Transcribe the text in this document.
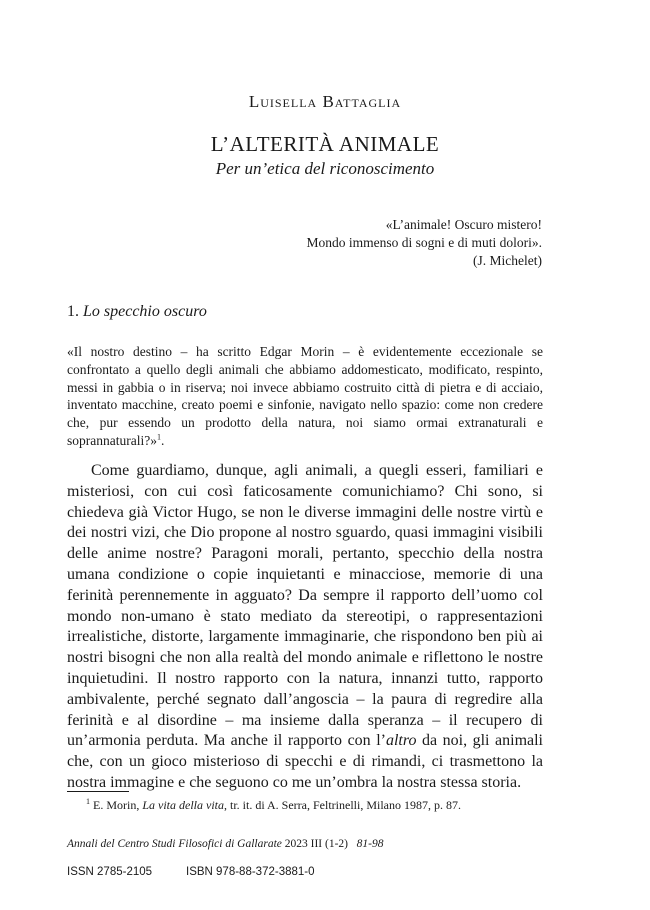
Luisella Battaglia
L’ALTERITÀ ANIMALE
Per un’etica del riconoscimento
«L’animale! Oscuro mistero!
Mondo immenso di sogni e di muti dolori».
(J. Michelet)
1. Lo specchio oscuro
«Il nostro destino – ha scritto Edgar Morin – è evidentemente eccezionale se confrontato a quello degli animali che abbiamo addomesticato, modificato, respinto, messi in gabbia o in riserva; noi invece abbiamo costruito città di pietra e di acciaio, inventato macchine, creato poemi e sinfonie, navigato nello spazio: come non credere che, pur essendo un prodotto della natura, noi siamo ormai extranaturali e soprannaturali?»$^1$.

Come guardiamo, dunque, agli animali, a quegli esseri, familiari e misteriosi, con cui così faticosamente comunichiamo? Chi sono, si chiedeva già Victor Hugo, se non le diverse immagini delle nostre virtù e dei nostri vizi, che Dio propone al nostro sguardo, quasi immagini visibili delle anime nostre? Paragoni morali, pertanto, specchio della nostra umana condizione o copie inquietanti e minacciose, memorie di una ferinità perennemente in agguato? Da sempre il rapporto dell’uomo col mondo non-umano è stato mediato da stereotipi, o rappresentazioni irrealistiche, distorte, largamente immaginarie, che rispondono ben più ai nostri bisogni che non alla realtà del mondo animale e riflettono le nostre inquietudini. Il nostro rapporto con la natura, innanzi tutto, rapporto ambivalente, perché segnato dall’angoscia – la paura di regredire alla ferinità e al disordine – ma insieme dalla speranza – il recupero di un’armonia perduta. Ma anche il rapporto con l’altro da noi, gli animali che, con un gioco misterioso di specchi e di rimandi, ci trasmettono la nostra immagine e che seguono co me un’ombra la nostra stessa storia.

$^1$ E. Morin, La vita della vita, tr. it. di A. Serra, Feltrinelli, Milano 1987, p. 87.
Annali del Centro Studi Filosofici di Gallarate 2023 III (1-2) 81-98
ISSN 2785-2105	ISBN 978-88-372-3881-0
